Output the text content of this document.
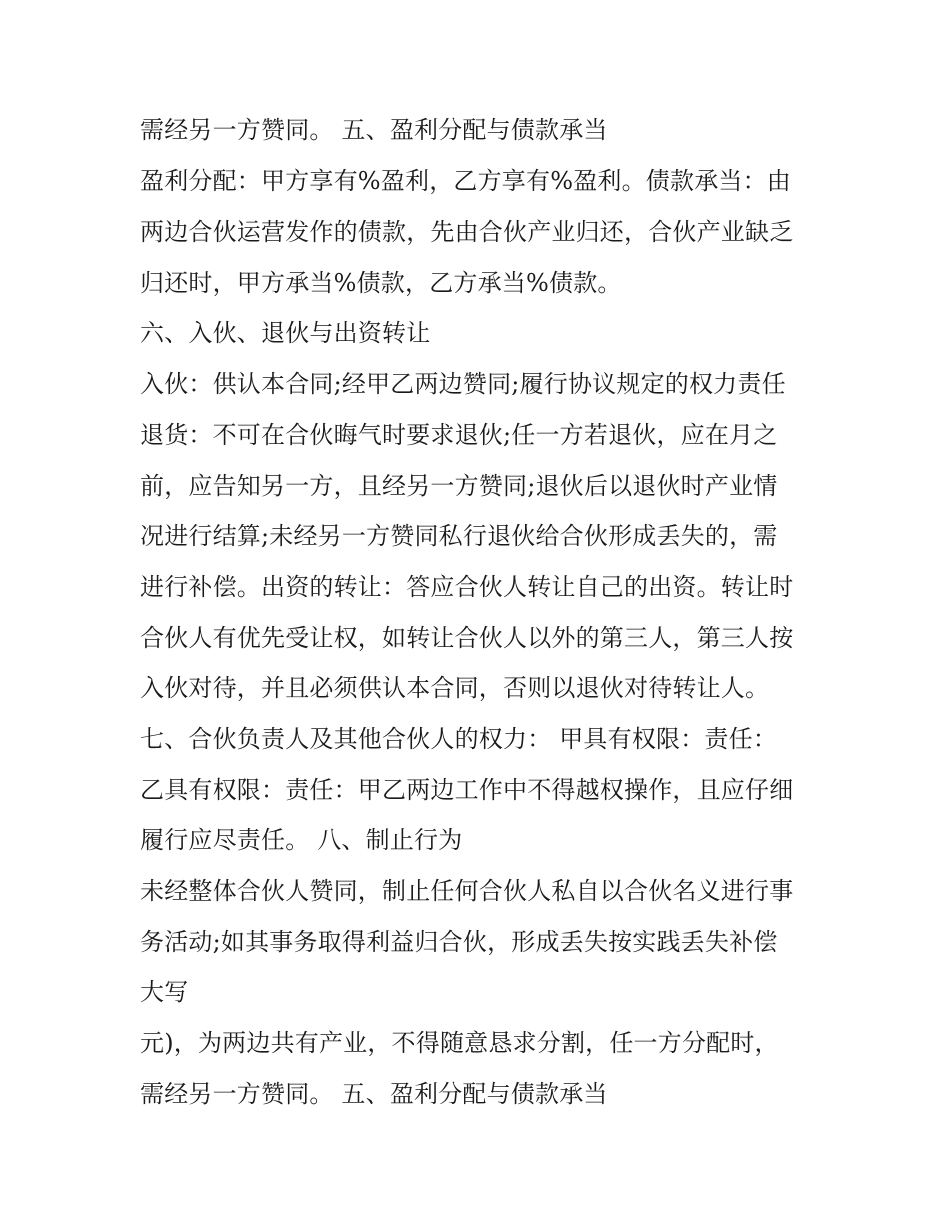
需经另一方赞同。 五、盈利分配与债款承当
盈利分配：甲方享有%盈利，乙方享有%盈利。债款承当：由
两边合伙运营发作的债款，先由合伙产业归还，合伙产业缺乏
归还时，甲方承当%债款，乙方承当%债款。
六、入伙、退伙与出资转让
入伙：供认本合同;经甲乙两边赞同;履行协议规定的权力责任
退货：不可在合伙晦气时要求退伙;任一方若退伙，应在月之
前，应告知另一方，且经另一方赞同;退伙后以退伙时产业情
况进行结算;未经另一方赞同私行退伙给合伙形成丢失的，需
进行补偿。出资的转让：答应合伙人转让自己的出资。转让时
合伙人有优先受让权，如转让合伙人以外的第三人，第三人按
入伙对待，并且必须供认本合同，否则以退伙对待转让人。
七、合伙负责人及其他合伙人的权力： 甲具有权限：责任：
乙具有权限：责任：甲乙两边工作中不得越权操作，且应仔细
履行应尽责任。 八、制止行为
未经整体合伙人赞同，制止任何合伙人私自以合伙名义进行事
务活动;如其事务取得利益归合伙，形成丢失按实践丢失补偿
大写
元)，为两边共有产业，不得随意恳求分割，任一方分配时，
需经另一方赞同。 五、盈利分配与债款承当
